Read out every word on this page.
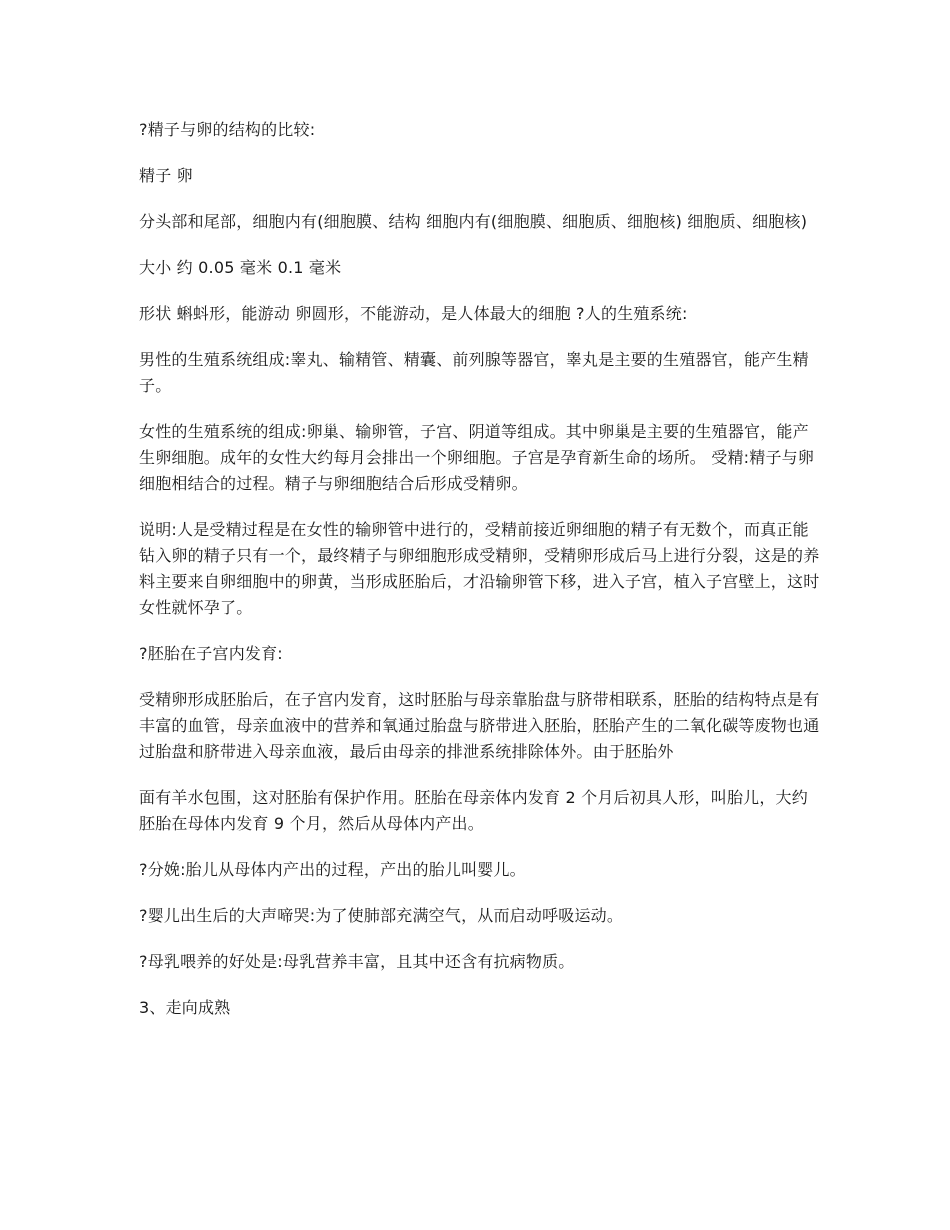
?精子与卵的结构的比较:

精子 卵

分头部和尾部，细胞内有(细胞膜、结构 细胞内有(细胞膜、细胞质、细胞核) 细胞质、细胞核)

大小 约 0.05 毫米 0.1 毫米

形状 蝌蚪形，能游动 卵圆形，不能游动，是人体最大的细胞 ?人的生殖系统:

男性的生殖系统组成:睾丸、输精管、精囊、前列腺等器官，睾丸是主要的生殖器官，能产生精子。

女性的生殖系统的组成:卵巢、输卵管，子宫、阴道等组成。其中卵巢是主要的生殖器官，能产生卵细胞。成年的女性大约每月会排出一个卵细胞。子宫是孕育新生命的场所。 受精:精子与卵细胞相结合的过程。精子与卵细胞结合后形成受精卵。

说明:人是受精过程是在女性的输卵管中进行的，受精前接近卵细胞的精子有无数个，而真正能钻入卵的精子只有一个，最终精子与卵细胞形成受精卵，受精卵形成后马上进行分裂，这是的养料主要来自卵细胞中的卵黄，当形成胚胎后，才沿输卵管下移，进入子宫，植入子宫壁上，这时女性就怀孕了。

?胚胎在子宫内发育:

受精卵形成胚胎后，在子宫内发育，这时胚胎与母亲靠胎盘与脐带相联系，胚胎的结构特点是有丰富的血管，母亲血液中的营养和氧通过胎盘与脐带进入胚胎，胚胎产生的二氧化碳等废物也通过胎盘和脐带进入母亲血液，最后由母亲的排泄系统排除体外。由于胚胎外

面有羊水包围，这对胚胎有保护作用。胚胎在母亲体内发育 2 个月后初具人形，叫胎儿，大约胚胎在母体内发育 9 个月，然后从母体内产出。

?分娩:胎儿从母体内产出的过程，产出的胎儿叫婴儿。

?婴儿出生后的大声啼哭:为了使肺部充满空气，从而启动呼吸运动。

?母乳喂养的好处是:母乳营养丰富，且其中还含有抗病物质。

3、走向成熟
